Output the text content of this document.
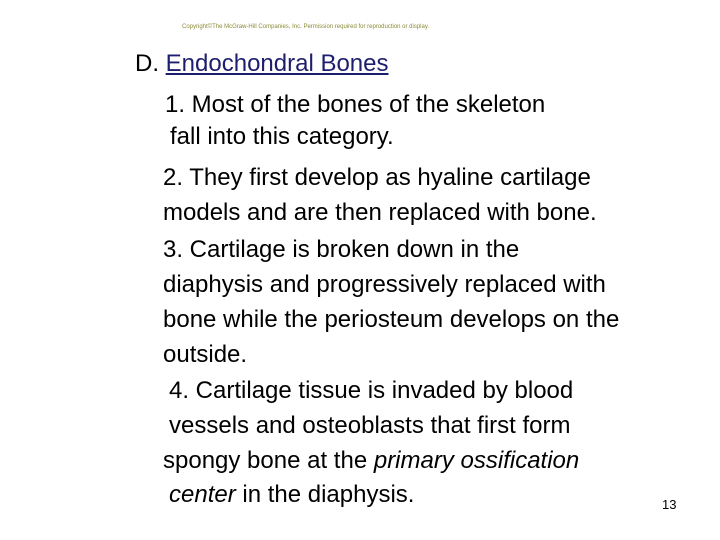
Copyright©The McGraw-Hill Companies, Inc. Permission required for reproduction or display.
D. Endochondral Bones
1. Most of the bones of the skeleton
fall into this category.
2. They first develop as hyaline cartilage
models and are then replaced with bone.
3. Cartilage is broken down in the
diaphysis and progressively replaced with
bone while the periosteum develops on the
outside.
4. Cartilage tissue is invaded by blood
vessels and osteoblasts that first form
spongy bone at the primary ossification
center in the diaphysis.	13
